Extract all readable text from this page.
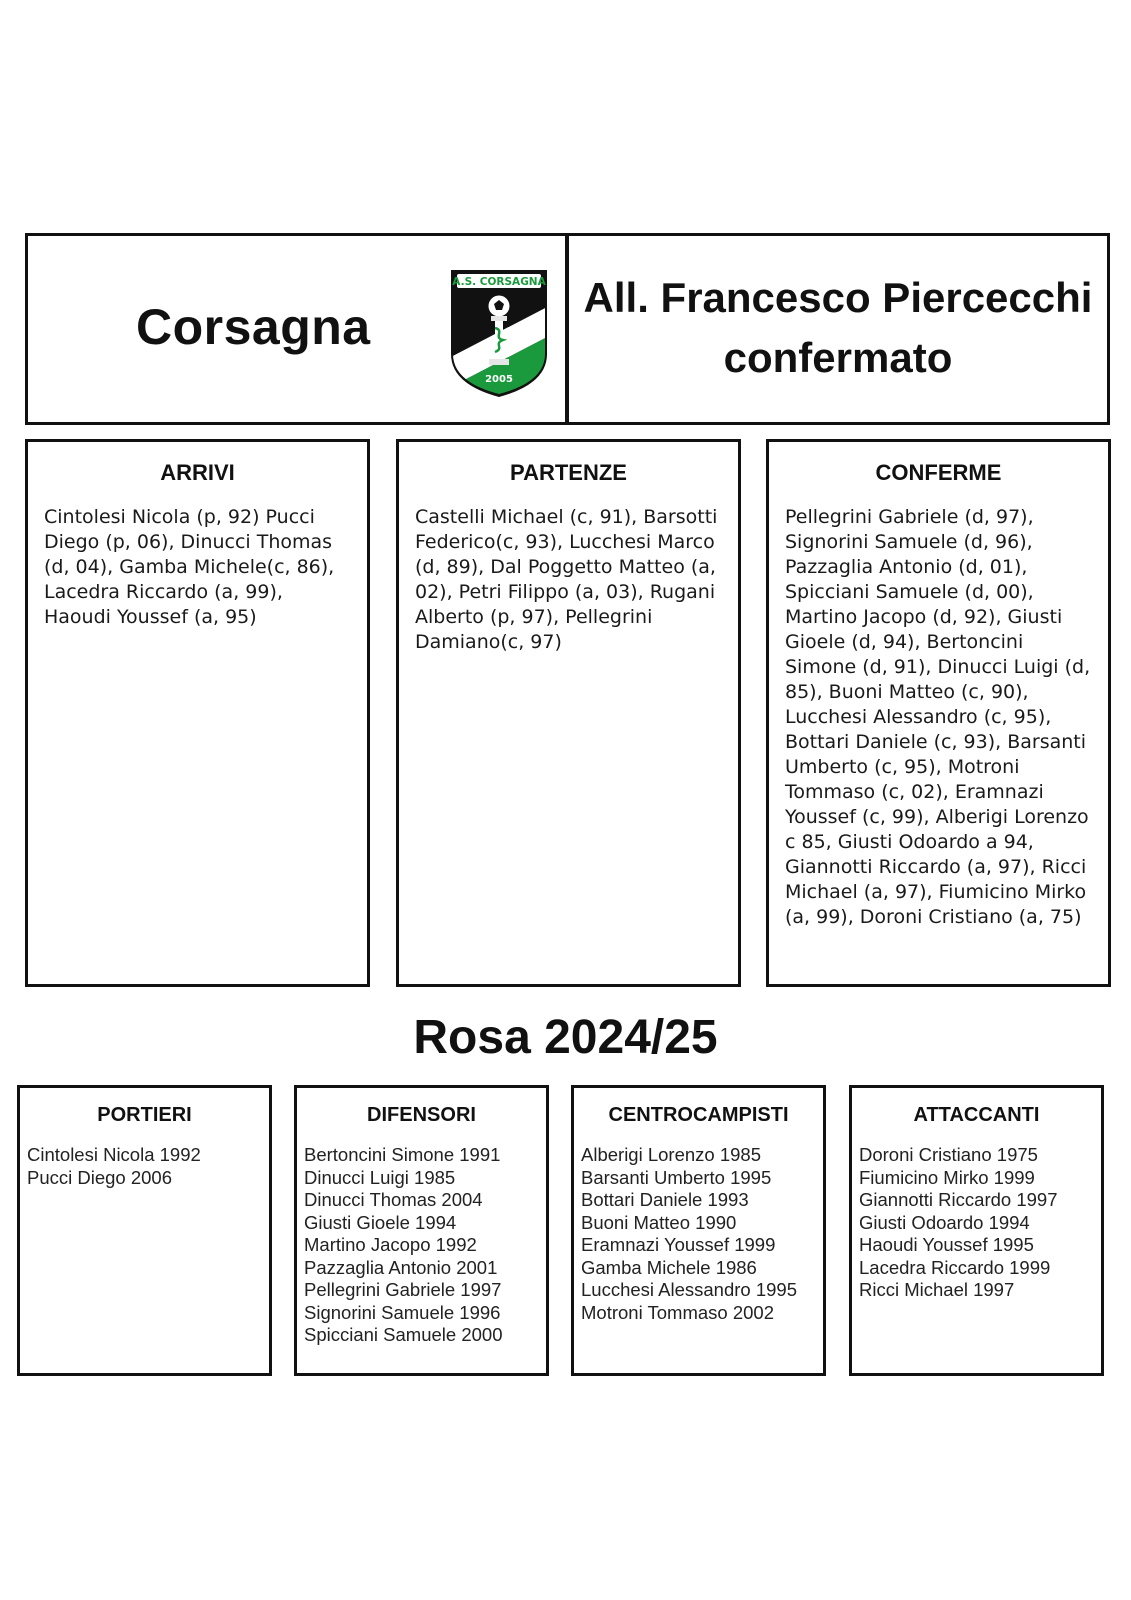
Corsagna
A.S. CORSAGNA
2005
All. Francesco Piercecchi
confermato
ARRIVI

Cintolesi Nicola (p, 92) Pucci Diego (p, 06), Dinucci Thomas (d, 04), Gamba Michele(c, 86), Lacedra Riccardo (a, 99), Haoudi Youssef (a, 95)

PARTENZE

Castelli Michael (c, 91), Barsotti Federico(c, 93), Lucchesi Marco (d, 89), Dal Poggetto Matteo (a, 02), Petri Filippo (a, 03), Rugani Alberto (p, 97), Pellegrini Damiano(c, 97)

CONFERME

Pellegrini Gabriele (d, 97), Signorini Samuele (d, 96), Pazzaglia Antonio (d, 01), Spicciani Samuele (d, 00), Martino Jacopo (d, 92), Giusti Gioele (d, 94), Bertoncini Simone (d, 91), Dinucci Luigi (d, 85), Buoni Matteo (c, 90), Lucchesi Alessandro (c, 95), Bottari Daniele (c, 93), Barsanti Umberto (c, 95), Motroni Tommaso (c, 02), Eramnazi Youssef (c, 99), Alberigi Lorenzo c 85, Giusti Odoardo a 94, Giannotti Riccardo (a, 97), Ricci Michael (a, 97), Fiumicino Mirko (a, 99), Doroni Cristiano (a, 75)

Rosa 2024/25
PORTIERI
Cintolesi Nicola 1992
Pucci Diego 2006
DIFENSORI
Bertoncini Simone 1991
Dinucci Luigi 1985
Dinucci Thomas 2004
Giusti Gioele 1994
Martino Jacopo 1992
Pazzaglia Antonio 2001
Pellegrini Gabriele 1997
Signorini Samuele 1996
Spicciani Samuele 2000
CENTROCAMPISTI
Alberigi Lorenzo 1985
Barsanti Umberto 1995
Bottari Daniele 1993
Buoni Matteo 1990
Eramnazi Youssef 1999
Gamba Michele 1986
Lucchesi Alessandro 1995
Motroni Tommaso 2002
ATTACCANTI
Doroni Cristiano 1975
Fiumicino Mirko 1999
Giannotti Riccardo 1997
Giusti Odoardo 1994
Haoudi Youssef 1995
Lacedra Riccardo 1999
Ricci Michael 1997
